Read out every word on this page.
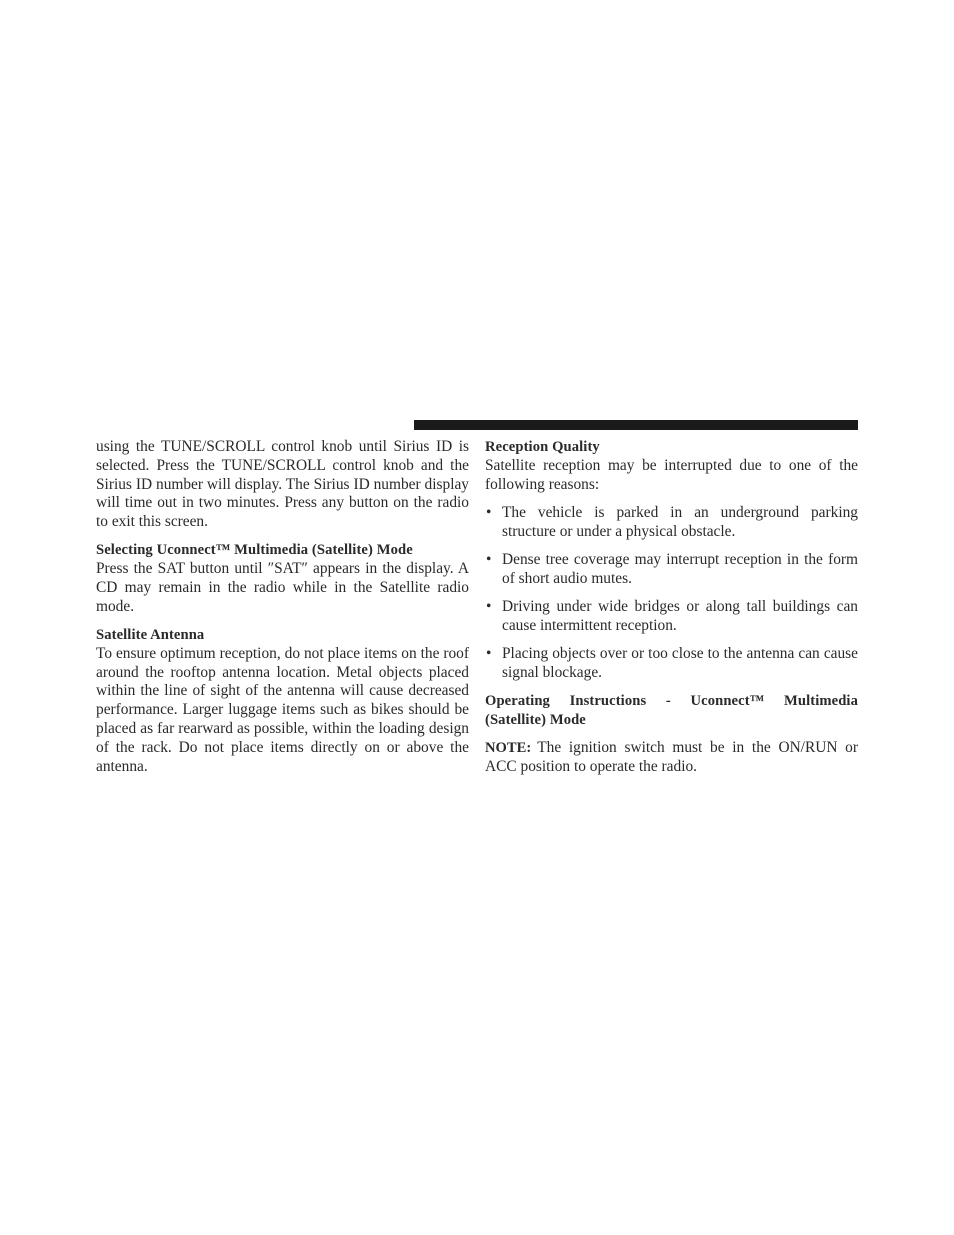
using the TUNE/SCROLL control knob until Sirius ID is selected. Press the TUNE/SCROLL control knob and the Sirius ID number will display. The Sirius ID number display will time out in two minutes. Press any button on the radio to exit this screen.

Selecting Uconnect™ Multimedia (Satellite) Mode

Press the SAT button until ″SAT″ appears in the display. A CD may remain in the radio while in the Satellite radio mode.

Satellite Antenna

To ensure optimum reception, do not place items on the roof around the rooftop antenna location. Metal objects placed within the line of sight of the antenna will cause decreased performance. Larger luggage items such as bikes should be placed as far rearward as possible, within the loading design of the rack. Do not place items directly on or above the antenna.

Reception Quality

Satellite reception may be interrupted due to one of the following reasons:

• The vehicle is parked in an underground parking structure or under a physical obstacle.
• Dense tree coverage may interrupt reception in the form of short audio mutes.
• Driving under wide bridges or along tall buildings can cause intermittent reception.
• Placing objects over or too close to the antenna can cause signal blockage.

Operating Instructions - Uconnect™ Multimedia (Satellite) Mode

NOTE: The ignition switch must be in the ON/RUN or ACC position to operate the radio.
